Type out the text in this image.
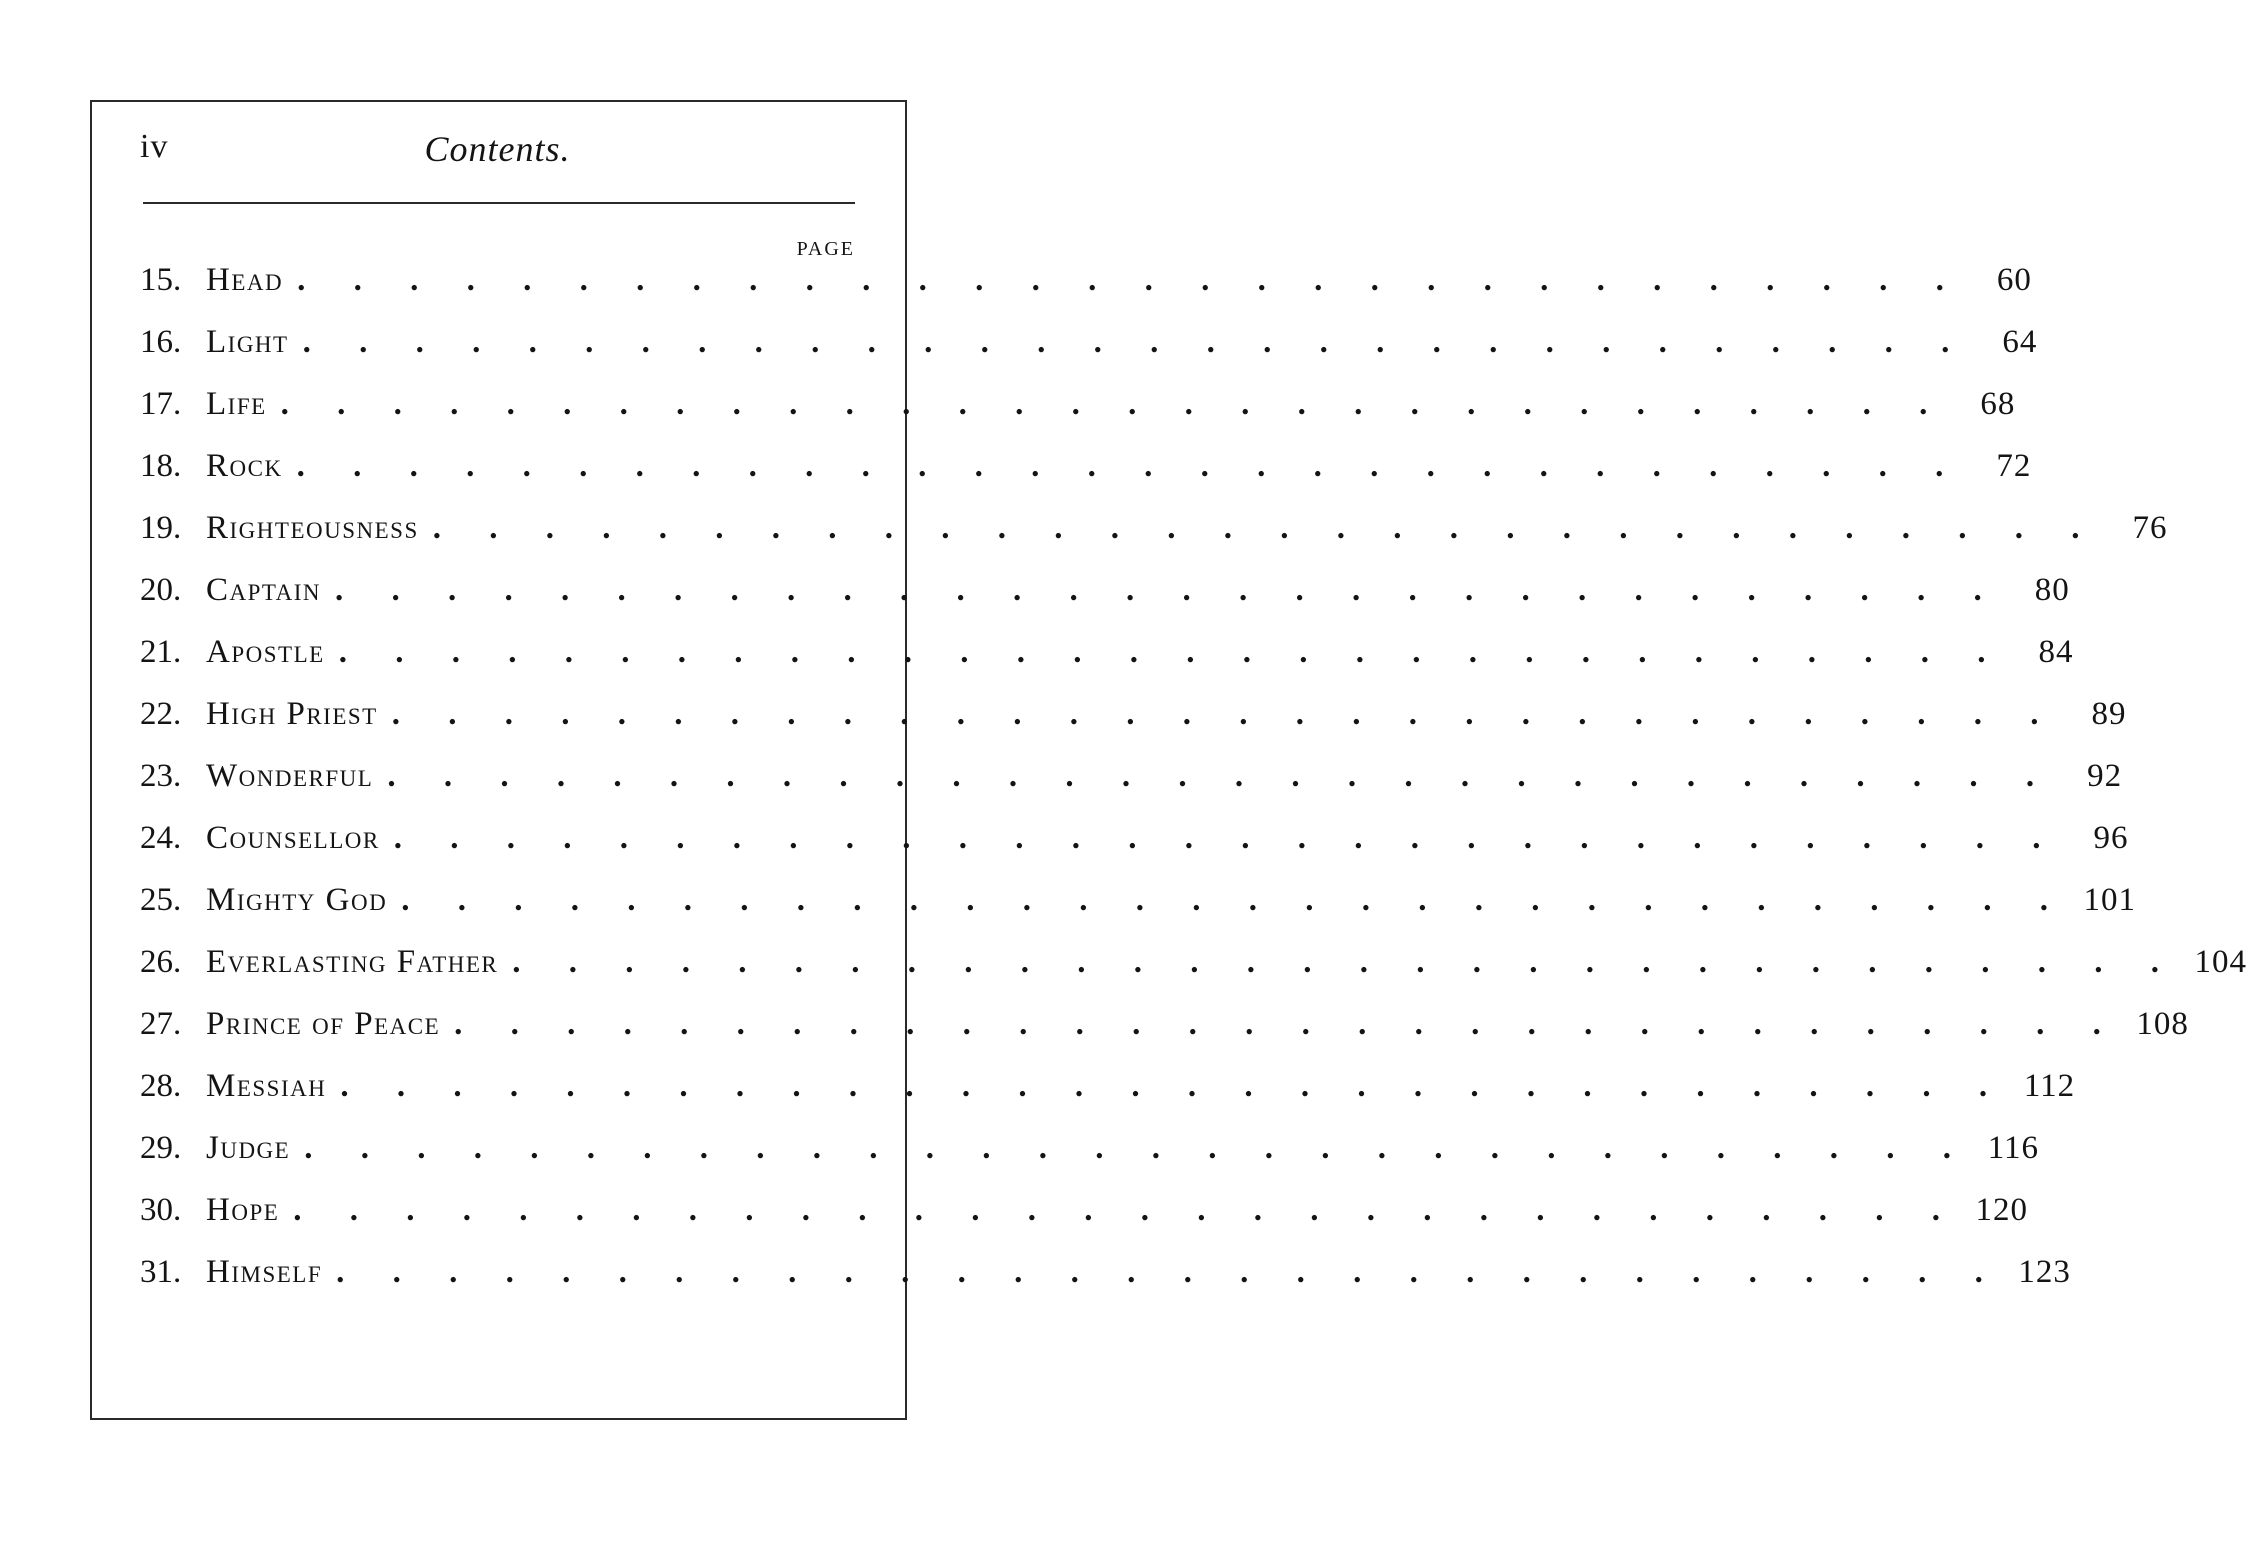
iv	Contents.
PAGE
15. Head . . . . . . . . . . . . . . . . . . . . . . . . . . . . . .	60
16. Light . . . . . . . . . . . . . . . . . . . . . . . . . . . . . .	64
17. Life . . . . . . . . . . . . . . . . . . . . . . . . . . . . . .	68
18. Rock . . . . . . . . . . . . . . . . . . . . . . . . . . . . . .	72
19. Righteousness . . . . . . . . . . . . . . . . . . . . . . . . . . . . . .	76
20. Captain . . . . . . . . . . . . . . . . . . . . . . . . . . . . . .	80
21. Apostle . . . . . . . . . . . . . . . . . . . . . . . . . . . . . .	84
22. High Priest . . . . . . . . . . . . . . . . . . . . . . . . . . . . . .	89
23. Wonderful . . . . . . . . . . . . . . . . . . . . . . . . . . . . . .	92
24. Counsellor . . . . . . . . . . . . . . . . . . . . . . . . . . . . . .	96
25. Mighty God . . . . . . . . . . . . . . . . . . . . . . . . . . . . . . 101
26. Everlasting Father . . . . . . . . . . . . . . . . . . . . . . . . . . . . . . 104
27. Prince of Peace . . . . . . . . . . . . . . . . . . . . . . . . . . . . . . 108
28. Messiah . . . . . . . . . . . . . . . . . . . . . . . . . . . . . . 112
29. Judge . . . . . . . . . . . . . . . . . . . . . . . . . . . . . . 116
30. Hope . . . . . . . . . . . . . . . . . . . . . . . . . . . . . . 120
31. Himself . . . . . . . . . . . . . . . . . . . . . . . . . . . . . . 123
